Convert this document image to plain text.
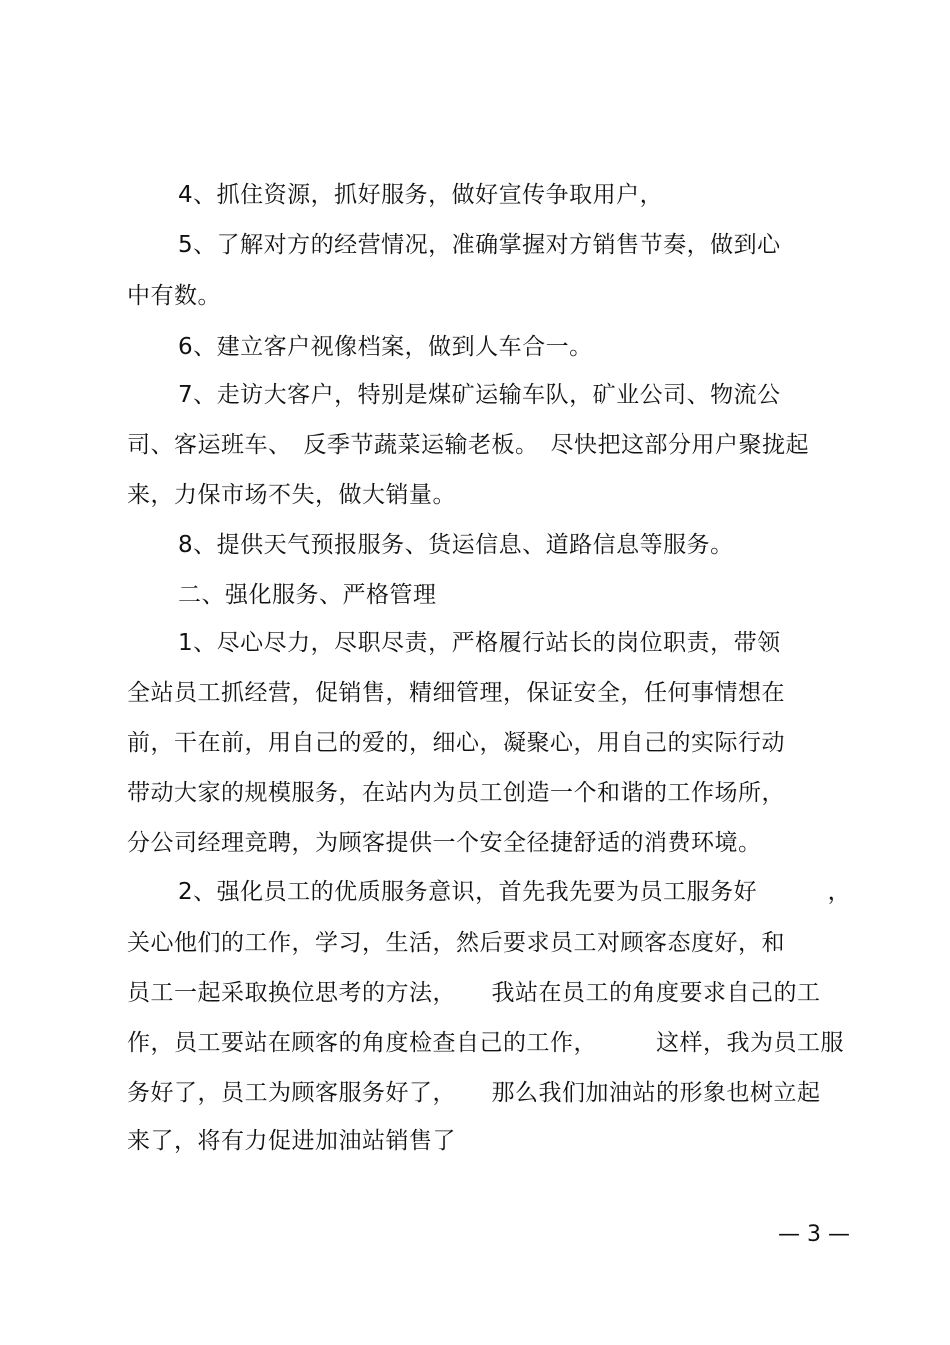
4、抓住资源，抓好服务，做好宣传争取用户，
5、了解对方的经营情况，准确掌握对方销售节奏，做到心
中有数。
6、建立客户视像档案，做到人车合一。
7、走访大客户，特别是煤矿运输车队，矿业公司、物流公
司、客运班车、　反季节蔬菜运输老板。　尽快把这部分用户聚拢起
来，力保市场不失，做大销量。
8、提供天气预报服务、货运信息、道路信息等服务。
二、强化服务、严格管理
1、尽心尽力，尽职尽责，严格履行站长的岗位职责，带领
全站员工抓经营，促销售，精细管理，保证安全，任何事情想在
前，干在前，用自己的爱的，细心，凝聚心，用自己的实际行动
带动大家的规模服务，在站内为员工创造一个和谐的工作场所，
分公司经理竞聘，为顾客提供一个安全径捷舒适的消费环境。
2、强化员工的优质服务意识，首先我先要为员工服务好　　　，
关心他们的工作，学习，生活，然后要求员工对顾客态度好，和
员工一起采取换位思考的方法，　　我站在员工的角度要求自己的工
作，员工要站在顾客的角度检查自己的工作，　　　这样，我为员工服
务好了，员工为顾客服务好了，　　那么我们加油站的形象也树立起
来了，将有力促进加油站销售了
— 3 —
